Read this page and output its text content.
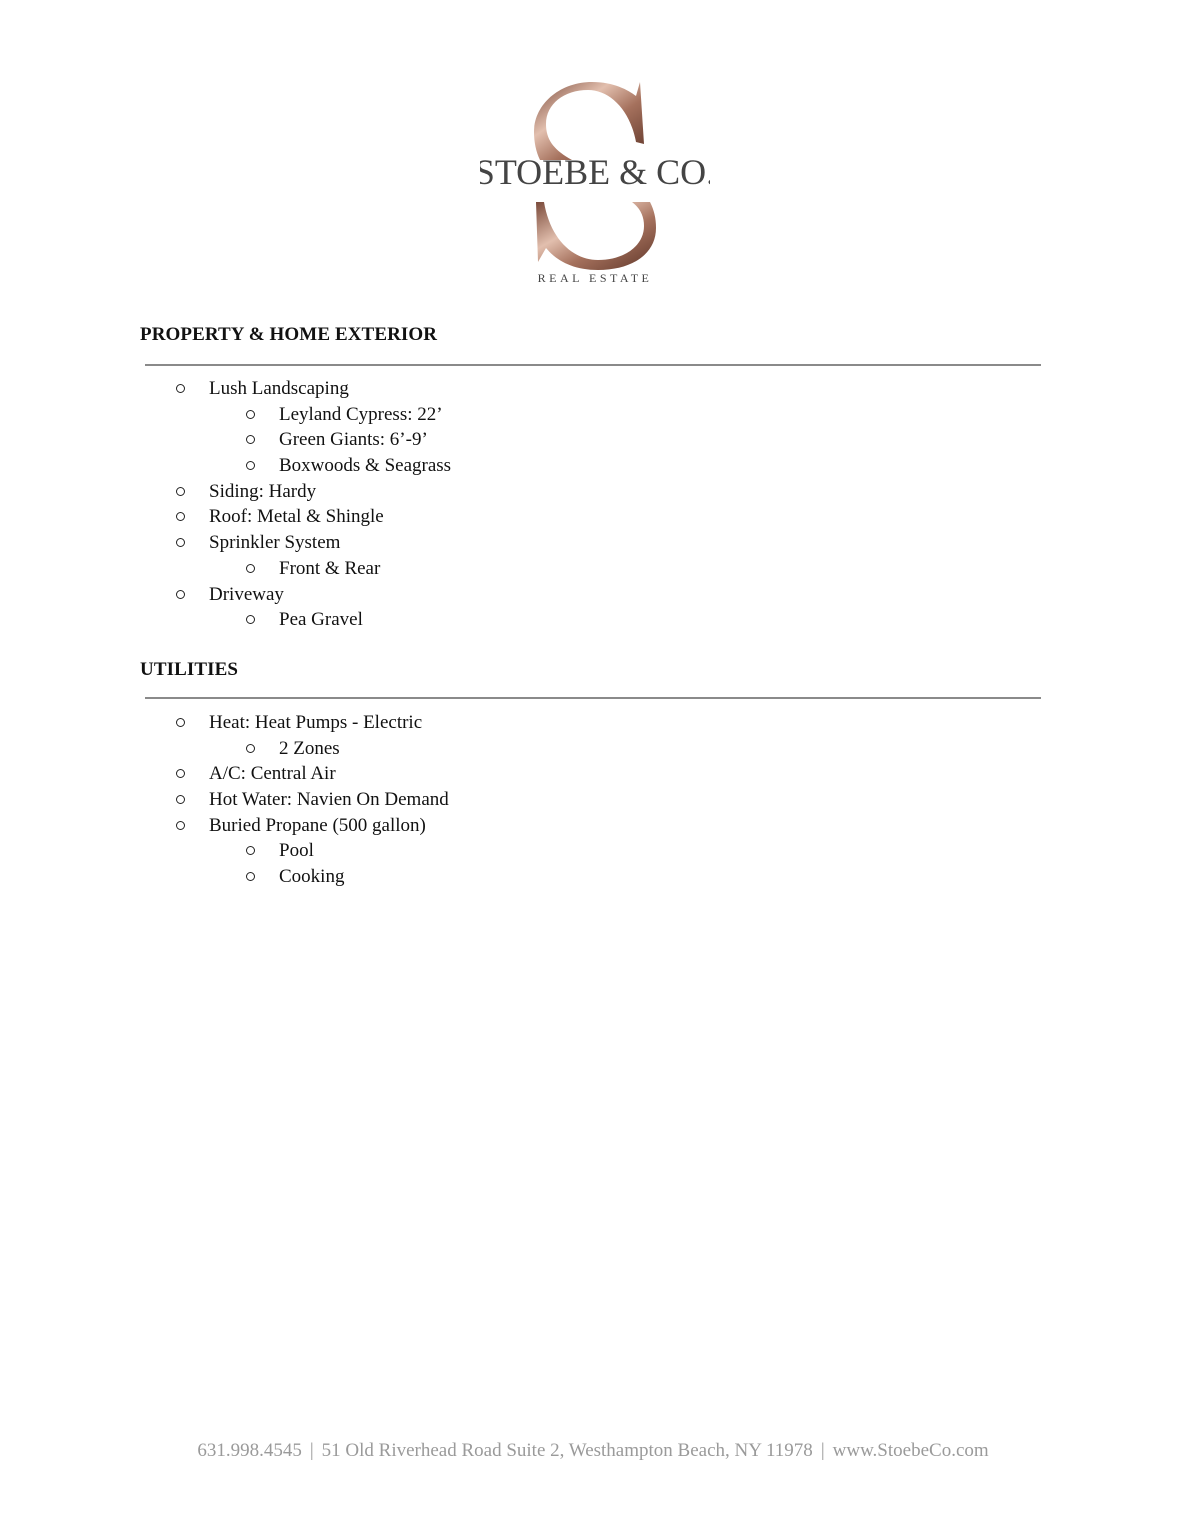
STOEBE & CO.
REAL ESTATE
PROPERTY & HOME EXTERIOR
Lush Landscaping
Leyland Cypress: 22’
Green Giants: 6’-9’
Boxwoods & Seagrass
Siding: Hardy
Roof: Metal & Shingle
Sprinkler System
Front & Rear
Driveway
Pea Gravel
UTILITIES
Heat: Heat Pumps - Electric
2 Zones
A/C: Central Air
Hot Water: Navien On Demand
Buried Propane (500 gallon)
Pool
Cooking
631.998.4545 | 51 Old Riverhead Road Suite 2, Westhampton Beach, NY 11978 | www.StoebeCo.com
